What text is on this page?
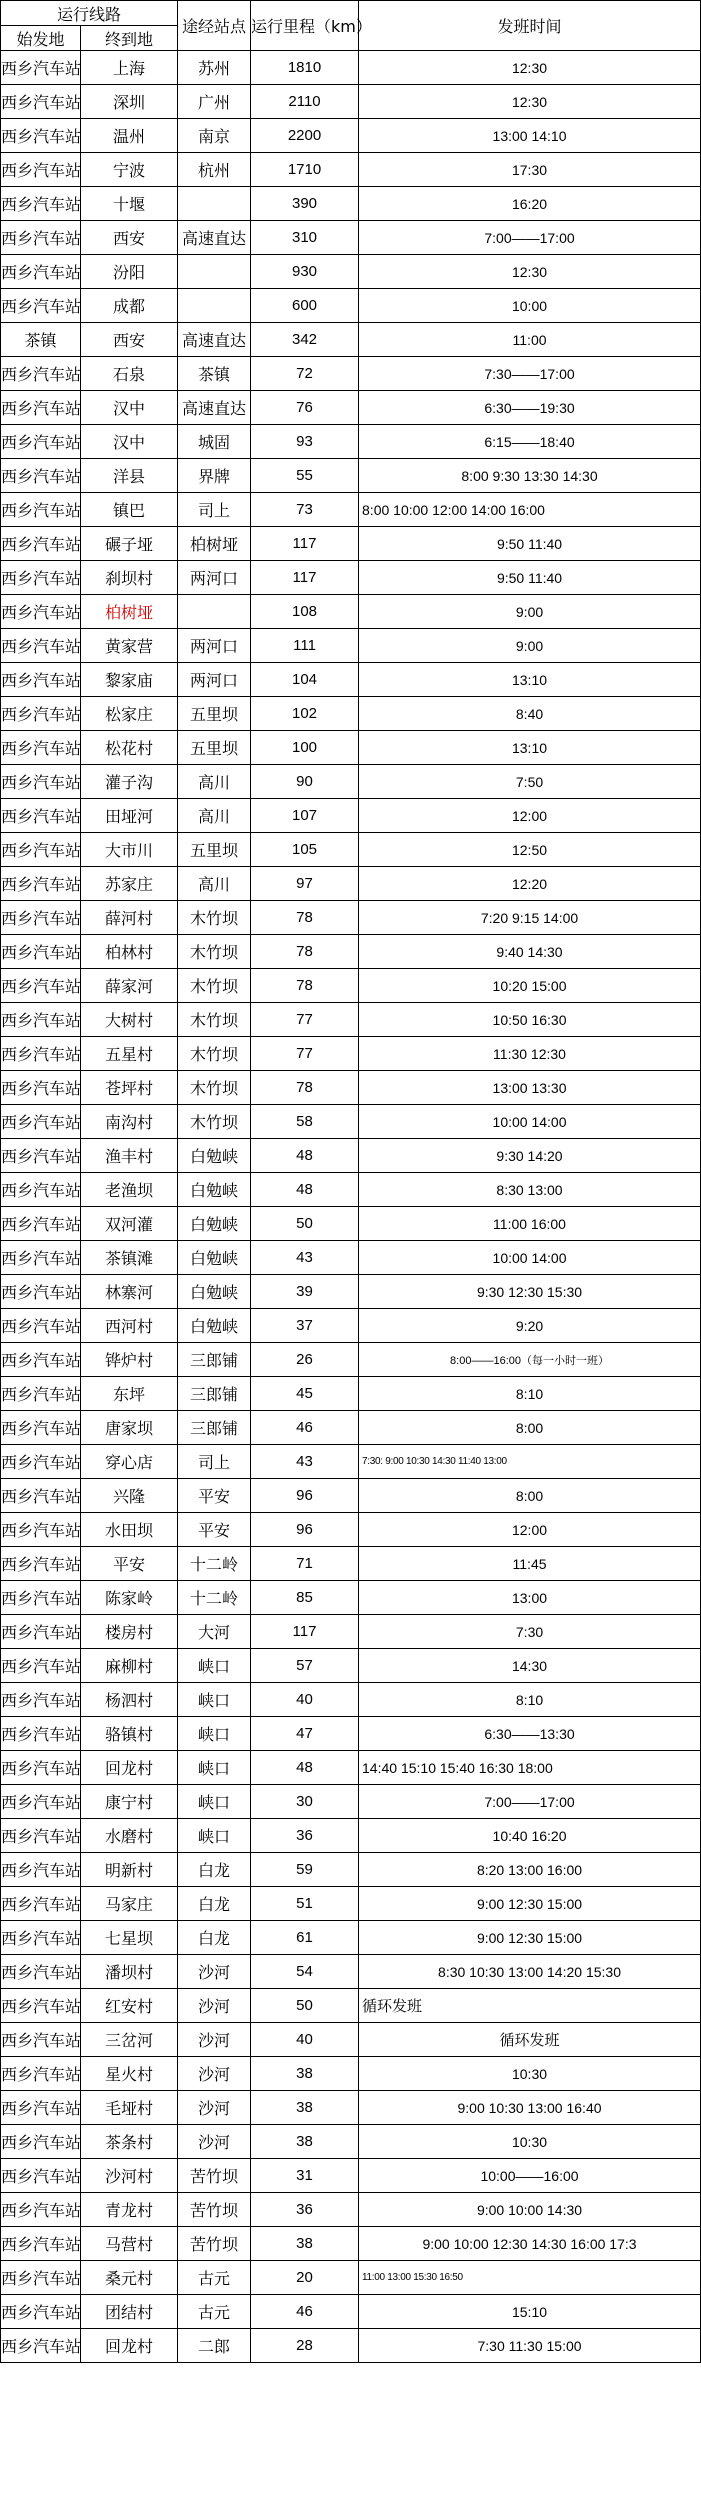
运行线路		途经站点	运行里程（km）	发班时间
始发地	终到地			
西乡汽车站	上海	苏州	1810	12:30
西乡汽车站	深圳	广州	2110	12:30
西乡汽车站	温州	南京	2200	13:00 14:10
西乡汽车站	宁波	杭州	1710	17:30
西乡汽车站	十堰		390	16:20
西乡汽车站	西安	高速直达	310	7:00——17:00
西乡汽车站	汾阳		930	12:30
西乡汽车站	成都		600	10:00
茶镇	西安	高速直达	342	11:00
西乡汽车站	石泉	茶镇	72	7:30——17:00
西乡汽车站	汉中	高速直达	76	6:30——19:30
西乡汽车站	汉中	城固	93	6:15——18:40
西乡汽车站	洋县	界牌	55	8:00 9:30 13:30 14:30
西乡汽车站	镇巴	司上	73	8:00 10:00 12:00 14:00 16:00
西乡汽车站	碾子垭	柏树垭	117	9:50 11:40
西乡汽车站	刹坝村	两河口	117	9:50 11:40
西乡汽车站	柏树垭		108	9:00
西乡汽车站	黄家营	两河口	111	9:00
西乡汽车站	黎家庙	两河口	104	13:10
西乡汽车站	松家庄	五里坝	102	8:40
西乡汽车站	松花村	五里坝	100	13:10
西乡汽车站	灌子沟	高川	90	7:50
西乡汽车站	田垭河	高川	107	12:00
西乡汽车站	大市川	五里坝	105	12:50
西乡汽车站	苏家庄	高川	97	12:20
西乡汽车站	薛河村	木竹坝	78	7:20 9:15 14:00
西乡汽车站	柏林村	木竹坝	78	9:40 14:30
西乡汽车站	薛家河	木竹坝	78	10:20 15:00
西乡汽车站	大树村	木竹坝	77	10:50 16:30
西乡汽车站	五星村	木竹坝	77	11:30 12:30
西乡汽车站	苍坪村	木竹坝	78	13:00 13:30
西乡汽车站	南沟村	木竹坝	58	10:00 14:00
西乡汽车站	渔丰村	白勉峡	48	9:30 14:20
西乡汽车站	老渔坝	白勉峡	48	8:30 13:00
西乡汽车站	双河灌	白勉峡	50	11:00 16:00
西乡汽车站	茶镇滩	白勉峡	43	10:00 14:00
西乡汽车站	林寨河	白勉峡	39	9:30 12:30 15:30
西乡汽车站	西河村	白勉峡	37	9:20
西乡汽车站	铧炉村	三郎铺	26	8:00——16:00（每一小时一班）
西乡汽车站	东坪	三郎铺	45	8:10
西乡汽车站	唐家坝	三郎铺	46	8:00
西乡汽车站	穿心店	司上	43	7:30: 9:00 10:30 14:30 11:40 13:00
西乡汽车站	兴隆	平安	96	8:00
西乡汽车站	水田坝	平安	96	12:00
西乡汽车站	平安	十二岭	71	11:45
西乡汽车站	陈家岭	十二岭	85	13:00
西乡汽车站	楼房村	大河	117	7:30
西乡汽车站	麻柳村	峡口	57	14:30
西乡汽车站	杨泗村	峡口	40	8:10
西乡汽车站	骆镇村	峡口	47	6:30——13:30
西乡汽车站	回龙村	峡口	48	14:40 15:10 15:40 16:30 18:00
西乡汽车站	康宁村	峡口	30	7:00——17:00
西乡汽车站	水磨村	峡口	36	10:40 16:20
西乡汽车站	明新村	白龙	59	8:20 13:00 16:00
西乡汽车站	马家庄	白龙	51	9:00 12:30 15:00
西乡汽车站	七星坝	白龙	61	9:00 12:30 15:00
西乡汽车站	潘坝村	沙河	54	8:30 10:30 13:00 14:20 15:30
西乡汽车站	红安村	沙河	50	循环发班
西乡汽车站	三岔河	沙河	40	循环发班
西乡汽车站	星火村	沙河	38	10:30
西乡汽车站	毛垭村	沙河	38	9:00 10:30 13:00 16:40
西乡汽车站	茶条村	沙河	38	10:30
西乡汽车站	沙河村	苦竹坝	31	10:00——16:00
西乡汽车站	青龙村	苦竹坝	36	9:00 10:00 14:30
西乡汽车站	马营村	苦竹坝	38	9:00 10:00 12:30 14:30 16:00 17:3
西乡汽车站	桑元村	古元	20	11:00 13:00 15:30 16:50
西乡汽车站	团结村	古元	46	15:10
西乡汽车站	回龙村	二郎	28	7:30 11:30 15:00
